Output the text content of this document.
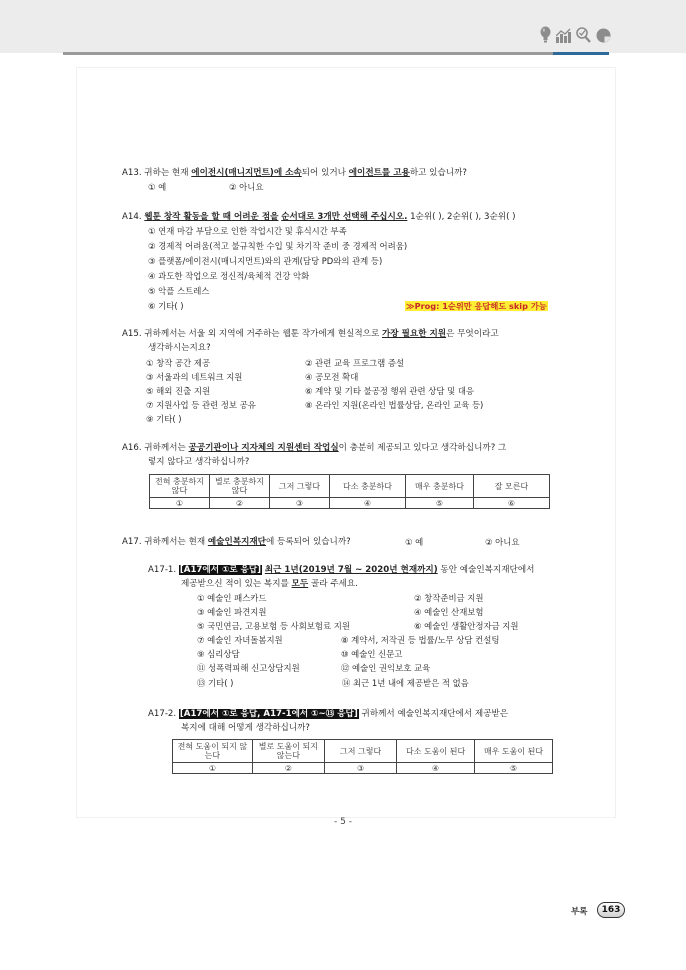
A13. 귀하는 현재 에이전시(매니지먼트)에 소속되어 있거나 에이전트를 고용하고 있습니까?
① 예	② 아니요
A14. 웹툰 창작 활동을 할 때 어려운 점을 순서대로 3개만 선택해 주십시오. 1순위( ), 2순위( ), 3순위( )
① 연재 마감 부담으로 인한 작업시간 및 휴식시간 부족
② 경제적 어려움(적고 불규칙한 수입 및 차기작 준비 중 경제적 어려움)
③ 플랫폼/에이전시(매니지먼트)와의 관계(담당 PD와의 관계 등)
④ 과도한 작업으로 정신적/육체적 건강 악화
⑤ 악플 스트레스
⑥ 기타( )	≫Prog: 1순위만 응답해도 skip 가능
A15. 귀하께서는 서울 외 지역에 거주하는 웹툰 작가에게 현실적으로 가장 필요한 지원은 무엇이라고
생각하시는지요?
① 창작 공간 제공	② 관련 교육 프로그램 증설
③ 서울과의 네트워크 지원	④ 공모전 확대
⑤ 해외 진출 지원	⑥ 계약 및 기타 불공정 행위 관련 상담 및 대응
⑦ 지원사업 등 관련 정보 공유	⑧ 온라인 지원(온라인 법률상담, 온라인 교육 등)
⑨ 기타( )
A16. 귀하께서는 공공기관이나 지자체의 지원센터 작업실이 충분히 제공되고 있다고 생각하십니까? 그
렇지 않다고 생각하십니까?
전혀 충분하지 않다	별로 충분하지 않다	그저 그렇다	다소 충분하다	매우 충분하다	잘 모른다
①	②	③	④	⑤	⑥
A17. 귀하께서는 현재 예술인복지재단에 등록되어 있습니까?	① 예	② 아니요
A17-1. [A17에서 ①로 응답] 최근 1년(2019년 7월 ~ 2020년 현재까지) 동안 예술인복지재단에서
제공받으신 적이 있는 복지를 모두 골라 주세요.
① 예술인 패스카드	② 창작준비금 지원
③ 예술인 파견지원	④ 예술인 산재보험
⑤ 국민연금, 고용보험 등 사회보험료 지원	⑥ 예술인 생활안정자금 지원
⑦ 예술인 자녀돌봄지원	⑧ 계약서, 저작권 등 법률/노무 상담 컨설팅
⑨ 심리상담	⑩ 예술인 신문고
⑪ 성폭력피해 신고상담지원	⑫ 예술인 권익보호 교육
⑬ 기타( )	⑭ 최근 1년 내에 제공받은 적 없음
A17-2. [A17에서 ①로 응답, A17-1에서 ①~⑬ 응답] 귀하께서 예술인복지재단에서 제공받은
복지에 대해 어떻게 생각하십니까?
전혀 도움이 되지 않는다	별로 도움이 되지 않는다	그저 그렇다	다소 도움이 된다	매우 도움이 된다
①	②	③	④	⑤
- 5 -
부록	163
